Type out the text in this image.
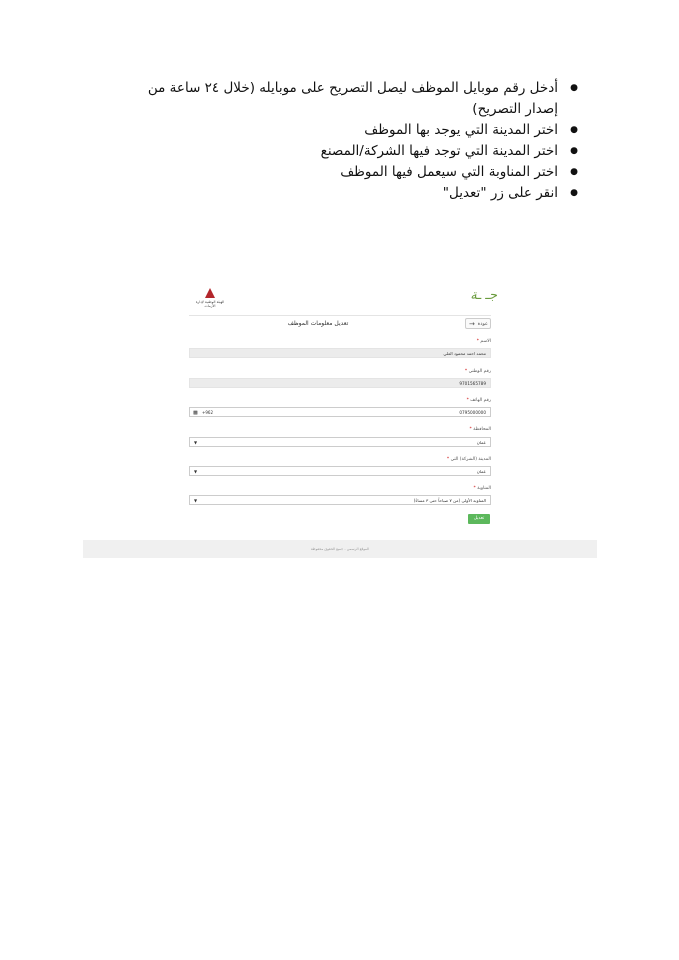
● أدخل رقم موبايل الموظف ليصل التصريح على موبايله (خلال ٢٤ ساعة من إصدار التصريح)
● اختر المدينة التي يوجد بها الموظف
● اختر المدينة التي توجد فيها الشركة/المصنع
● اختر المناوبة التي سيعمل فيها الموظف
● انقر على زر "تعديل"
الهيئة الوطنية لإدارة الأزمات
جـ ـة
عودة
→
تعديل معلومات الموظف
الاسم *
محمد احمد محمود العلي
رقم الوطني *
9701565789
رقم الهاتف *
0795000000
962+
▩
المحافظة *
عمان
▼
المدينة (الشركة) التي *
عمان
▼
المناوبة *
المناوبة الأولى (من ٧ صباحاً حتى ٣ مساءً)
▼
تعديل
الموقع الرسمي - جميع الحقوق محفوظة
